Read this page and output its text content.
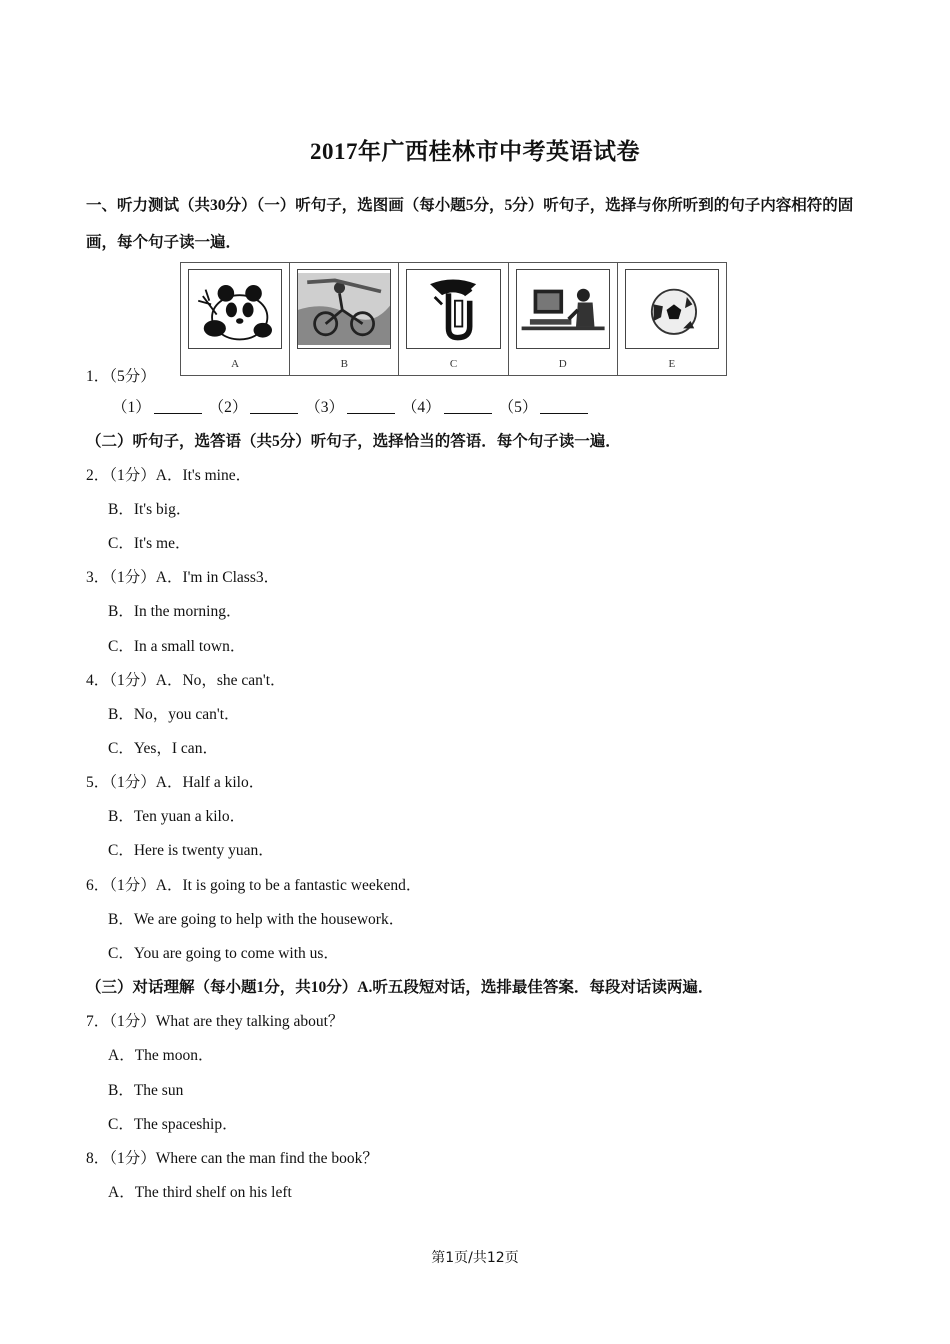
2017年广西桂林市中考英语试卷
一、听力测试（共30分）（一）听句子，选图画（每小题5分，5分）听句子，选择与你所听到的句子内容相符的固画，每个句子读一遍．
A	B	C	D	E
1．（5分）
（1）	（2）	（3）	（4）	（5）
（二）听句子，选答语（共5分）听句子，选择恰当的答语．每个句子读一遍．
2．（1分）A．It's mine．
B．It's big．
C．It's me．
3．（1分）A．I'm in Class3．
B．In the morning．
C．In a small town．
4．（1分）A．No，she can't．
B．No，you can't．
C．Yes，I can．
5．（1分）A．Half a kilo．
B．Ten yuan a kilo．
C．Here is twenty yuan．
6．（1分）A．It is going to be a fantastic weekend．
B．We are going to help with the housework．
C．You are going to come with us．
（三）对话理解（每小题1分，共10分）A.听五段短对话，选排最佳答案．每段对话读两遍．
7．（1分）What are they talking about？
A．The moon．
B．The sun
C．The spaceship．
8．（1分）Where can the man find the book？
A．The third shelf on his left
第1页/共12页
